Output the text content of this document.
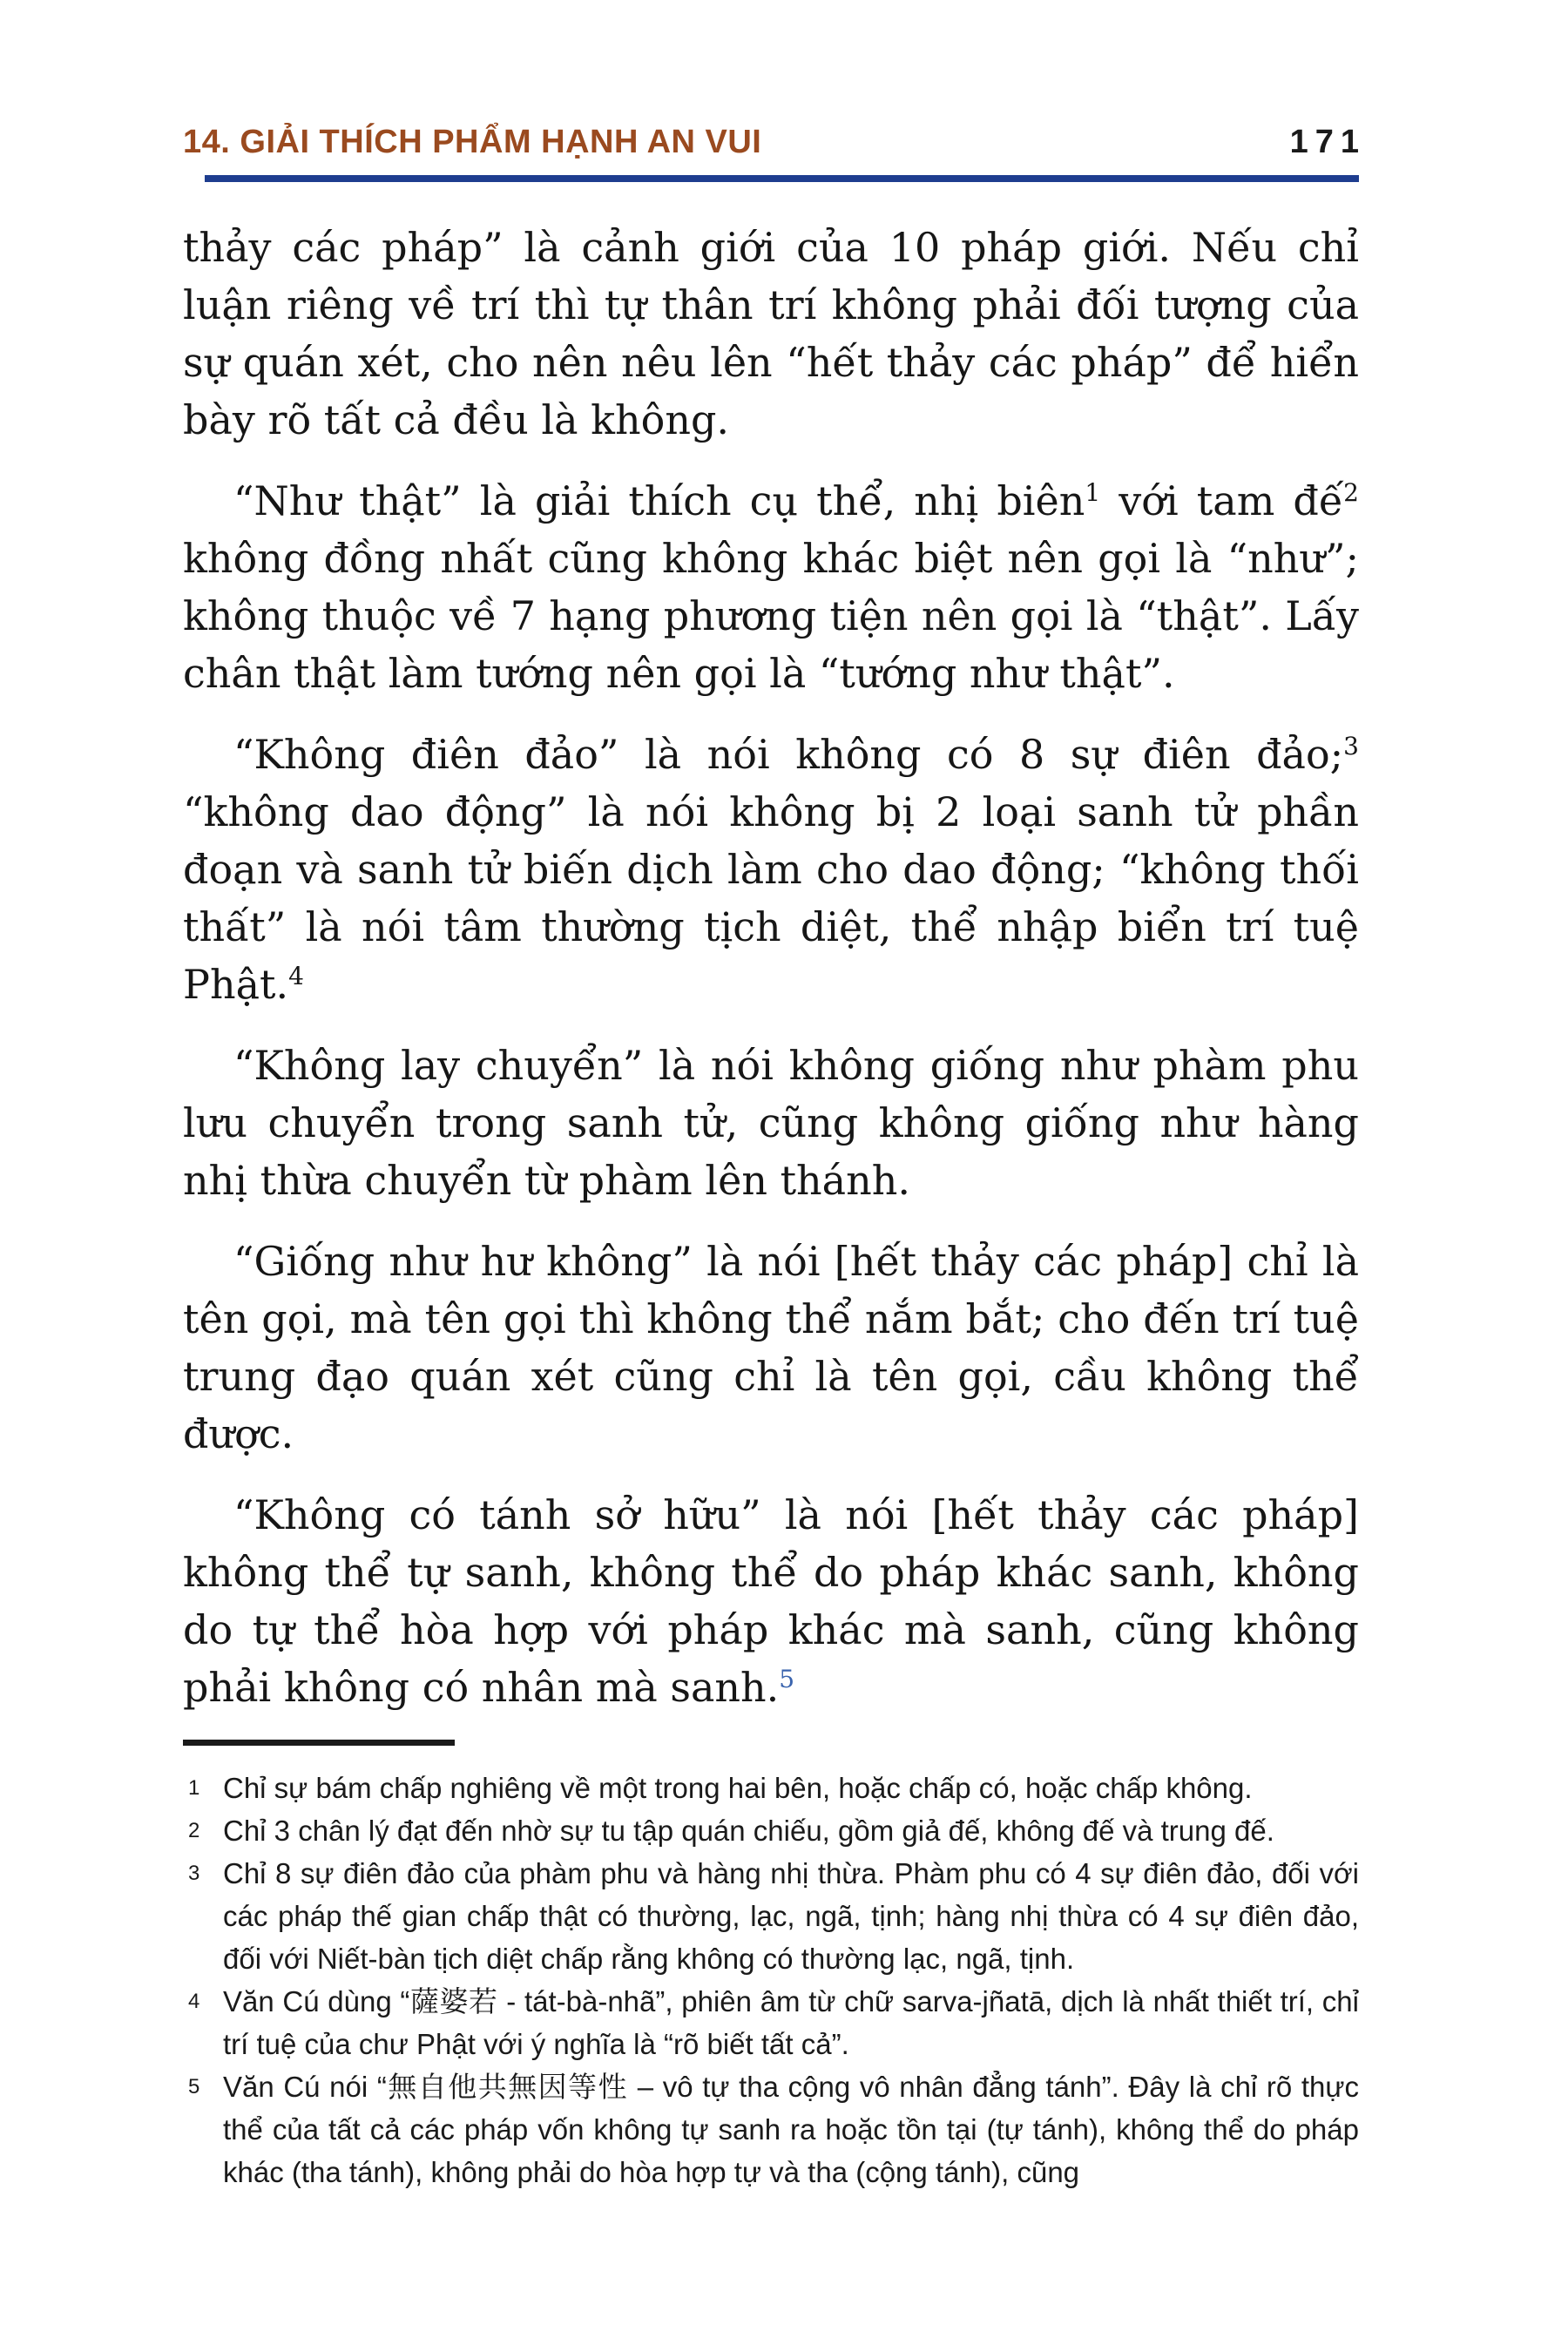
14. GIẢI THÍCH PHẨM HẠNH AN VUI	171

thảy các pháp” là cảnh giới của 10 pháp giới. Nếu chỉ luận riêng về trí thì tự thân trí không phải đối tượng của sự quán xét, cho nên nêu lên “hết thảy các pháp” để hiển bày rõ tất cả đều là không.

“Như thật” là giải thích cụ thể, nhị biên$^1$ với tam đế$^2$ không đồng nhất cũng không khác biệt nên gọi là “như”; không thuộc về 7 hạng phương tiện nên gọi là “thật”. Lấy chân thật làm tướng nên gọi là “tướng như thật”.

“Không điên đảo” là nói không có 8 sự điên đảo;$^3$ “không dao động” là nói không bị 2 loại sanh tử phần đoạn và sanh tử biến dịch làm cho dao động; “không thối thất” là nói tâm thường tịch diệt, thể nhập biển trí tuệ Phật.$^4$

“Không lay chuyển” là nói không giống như phàm phu lưu chuyển trong sanh tử, cũng không giống như hàng nhị thừa chuyển từ phàm lên thánh.

“Giống như hư không” là nói [hết thảy các pháp] chỉ là tên gọi, mà tên gọi thì không thể nắm bắt; cho đến trí tuệ trung đạo quán xét cũng chỉ là tên gọi, cầu không thể được.

“Không có tánh sở hữu” là nói [hết thảy các pháp] không thể tự sanh, không thể do pháp khác sanh, không do tự thể hòa hợp với pháp khác mà sanh, cũng không phải không có nhân mà sanh.$^5$

1 Chỉ sự bám chấp nghiêng về một trong hai bên, hoặc chấp có, hoặc chấp không.

2 Chỉ 3 chân lý đạt đến nhờ sự tu tập quán chiếu, gồm giả đế, không đế và trung đế.

3 Chỉ 8 sự điên đảo của phàm phu và hàng nhị thừa. Phàm phu có 4 sự điên đảo, đối với các pháp thế gian chấp thật có thường, lạc, ngã, tịnh; hàng nhị thừa có 4 sự điên đảo, đối với Niết-bàn tịch diệt chấp rằng không có thường lạc, ngã, tịnh.

4 Văn Cú dùng “薩婆若 - tát-bà-nhã”, phiên âm từ chữ sarva-jñatā, dịch là nhất thiết trí, chỉ trí tuệ của chư Phật với ý nghĩa là “rõ biết tất cả”.

5 Văn Cú nói “無自他共無因等性 – vô tự tha cộng vô nhân đẳng tánh”. Đây là chỉ rõ thực thể của tất cả các pháp vốn không tự sanh ra hoặc tồn tại (tự tánh), không thể do pháp khác (tha tánh), không phải do hòa hợp tự và tha (cộng tánh), cũng
